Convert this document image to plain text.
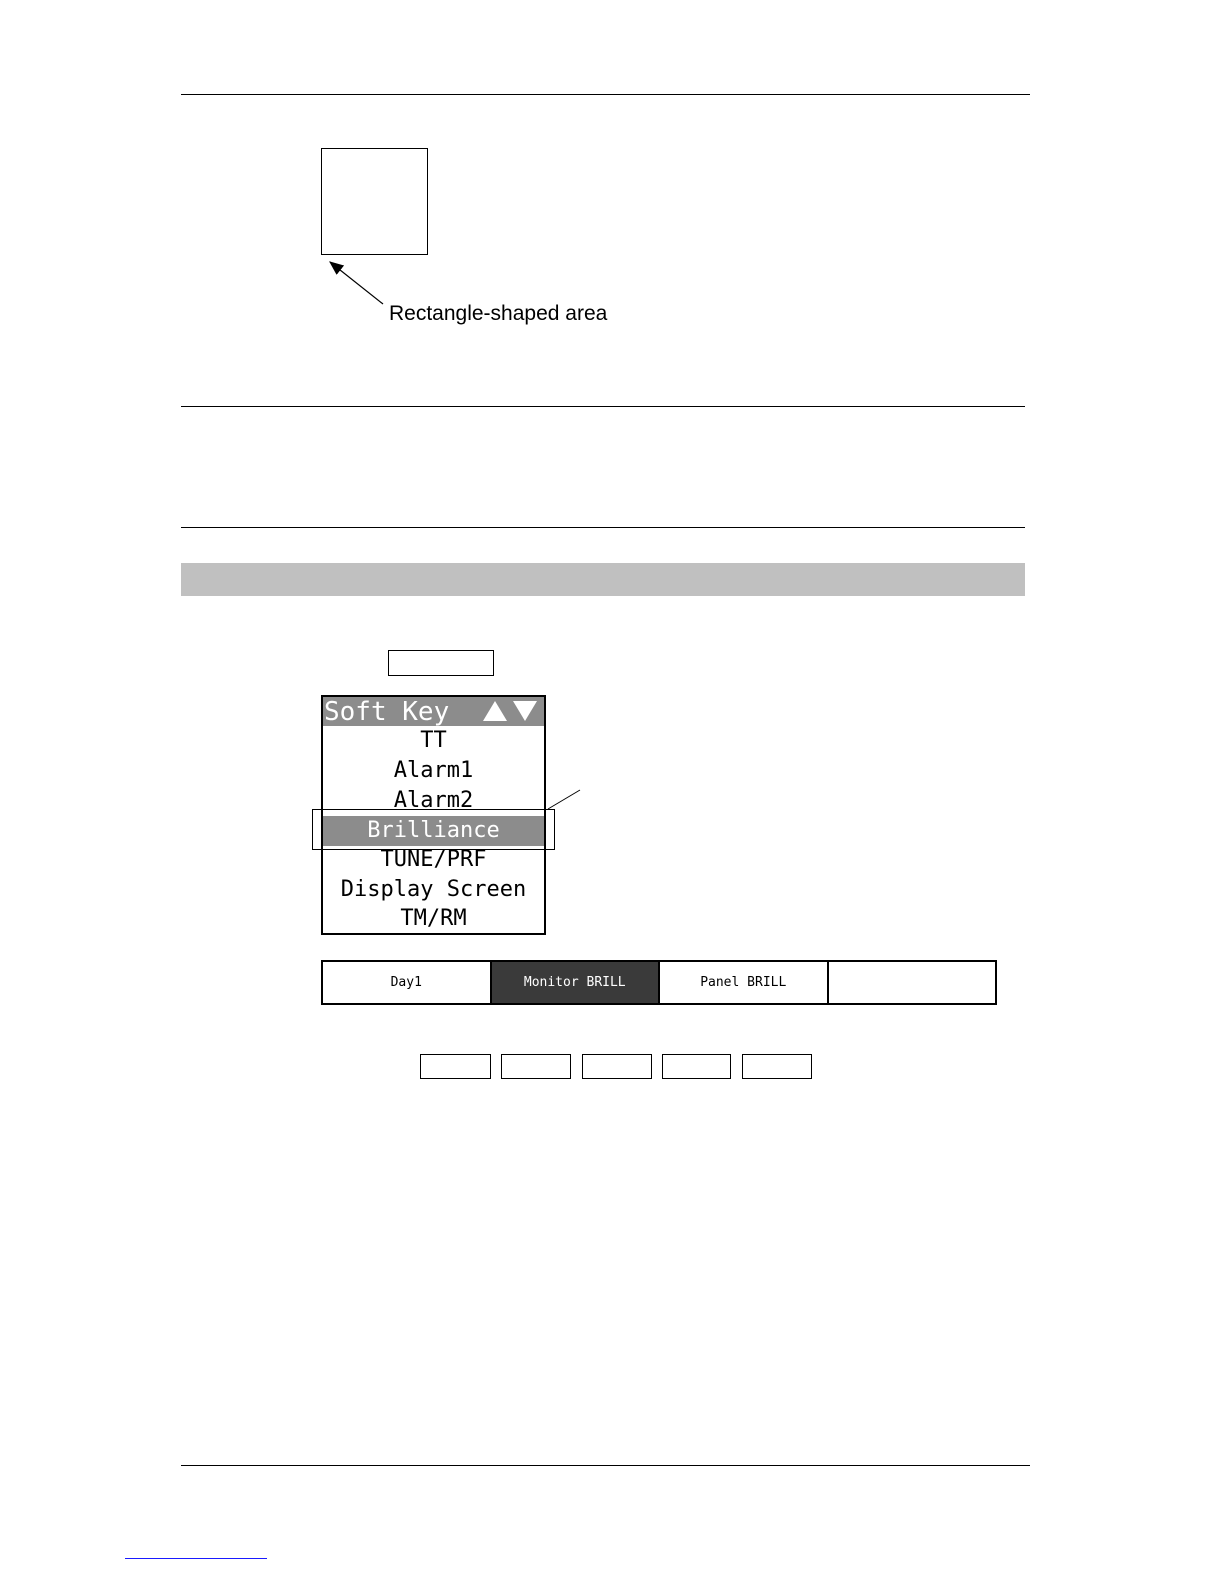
Rectangle-shaped area
Soft Key
TT
Alarm1
Alarm2
Brilliance
TUNE/PRF
Display Screen
TM/RM
Day1	Monitor BRILL	Panel BRILL
